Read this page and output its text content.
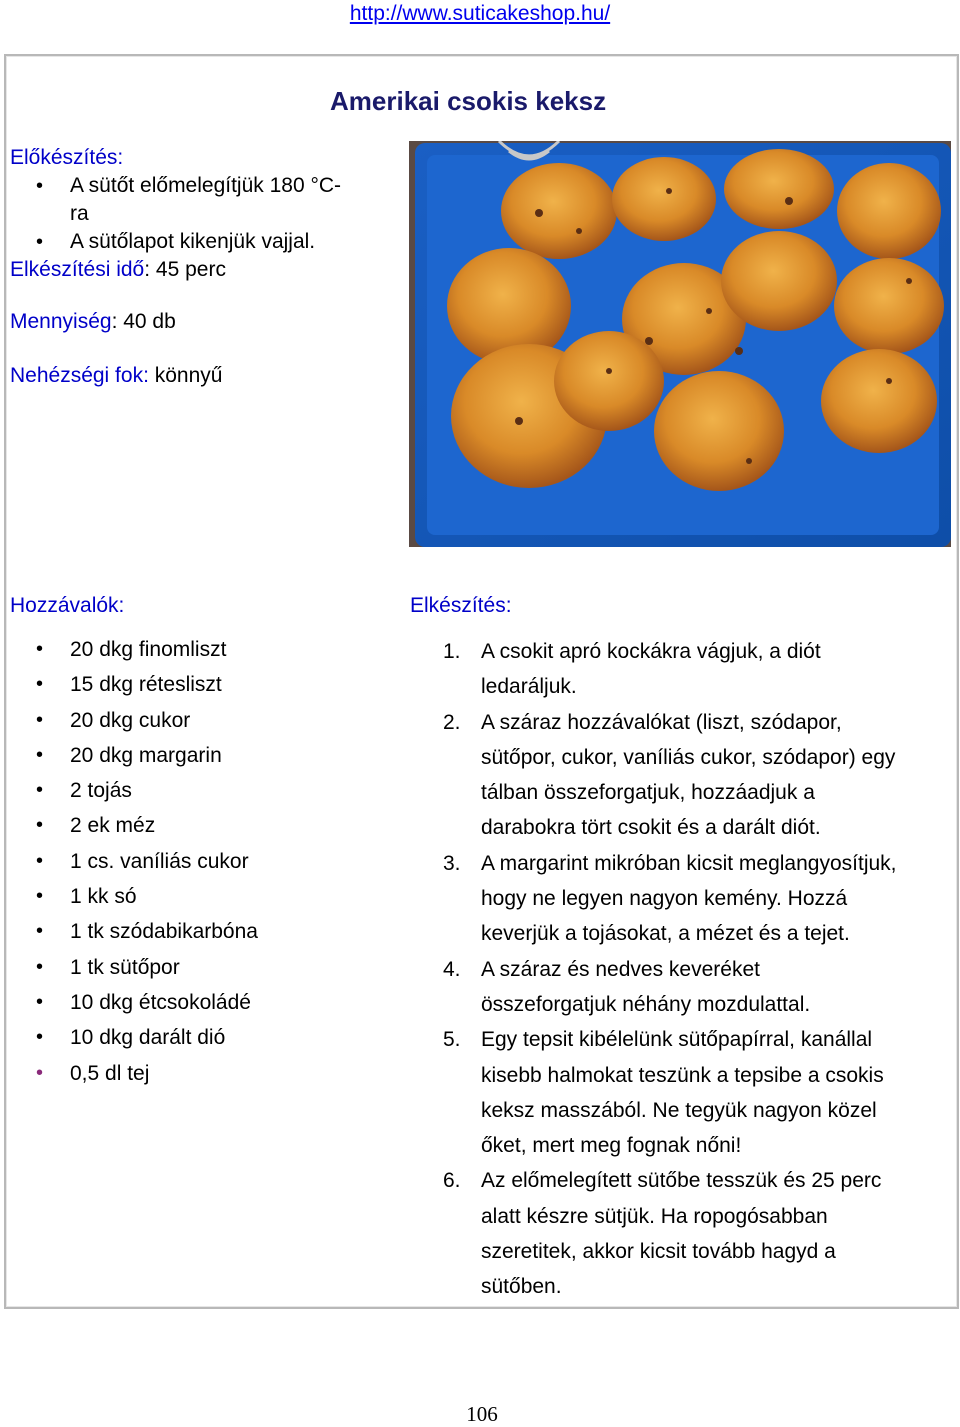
http://www.suticakeshop.hu/
Amerikai csokis keksz
Előkészítés:
• A sütőt előmelegítjük 180 °C-
ra
• A sütőlapot kikenjük vajjal.
Elkészítési idő: 45 perc
Mennyiség: 40 db
Nehézségi fok: könnyű
Hozzávalók:
• 20 dkg finomliszt
• 15 dkg rétesliszt
• 20 dkg cukor
• 20 dkg margarin
• 2 tojás
• 2 ek méz
• 1 cs. vaníliás cukor
• 1 kk só
• 1 tk szódabikarbóna
• 1 tk sütőpor
• 10 dkg étcsokoládé
• 10 dkg darált dió
• 0,5 dl tej
Elkészítés:
1. A csokit apró kockákra vágjuk, a diót
ledaráljuk.
2. A száraz hozzávalókat (liszt, szódapor,
sütőpor, cukor, vaníliás cukor, szódapor) egy
tálban összeforgatjuk, hozzáadjuk a
darabokra tört csokit és a darált diót.
3. A margarint mikróban kicsit meglangyosítjuk,
hogy ne legyen nagyon kemény. Hozzá
keverjük a tojásokat, a mézet és a tejet.
4. A száraz és nedves keveréket
összeforgatjuk néhány mozdulattal.
5. Egy tepsit kibélelünk sütőpapírral, kanállal
kisebb halmokat teszünk a tepsibe a csokis
keksz masszából. Ne tegyük nagyon közel
őket, mert meg fognak nőni!
6. Az előmelegített sütőbe tesszük és 25 perc
alatt készre sütjük. Ha ropogósabban
szeretitek, akkor kicsit tovább hagyd a
sütőben.
106
